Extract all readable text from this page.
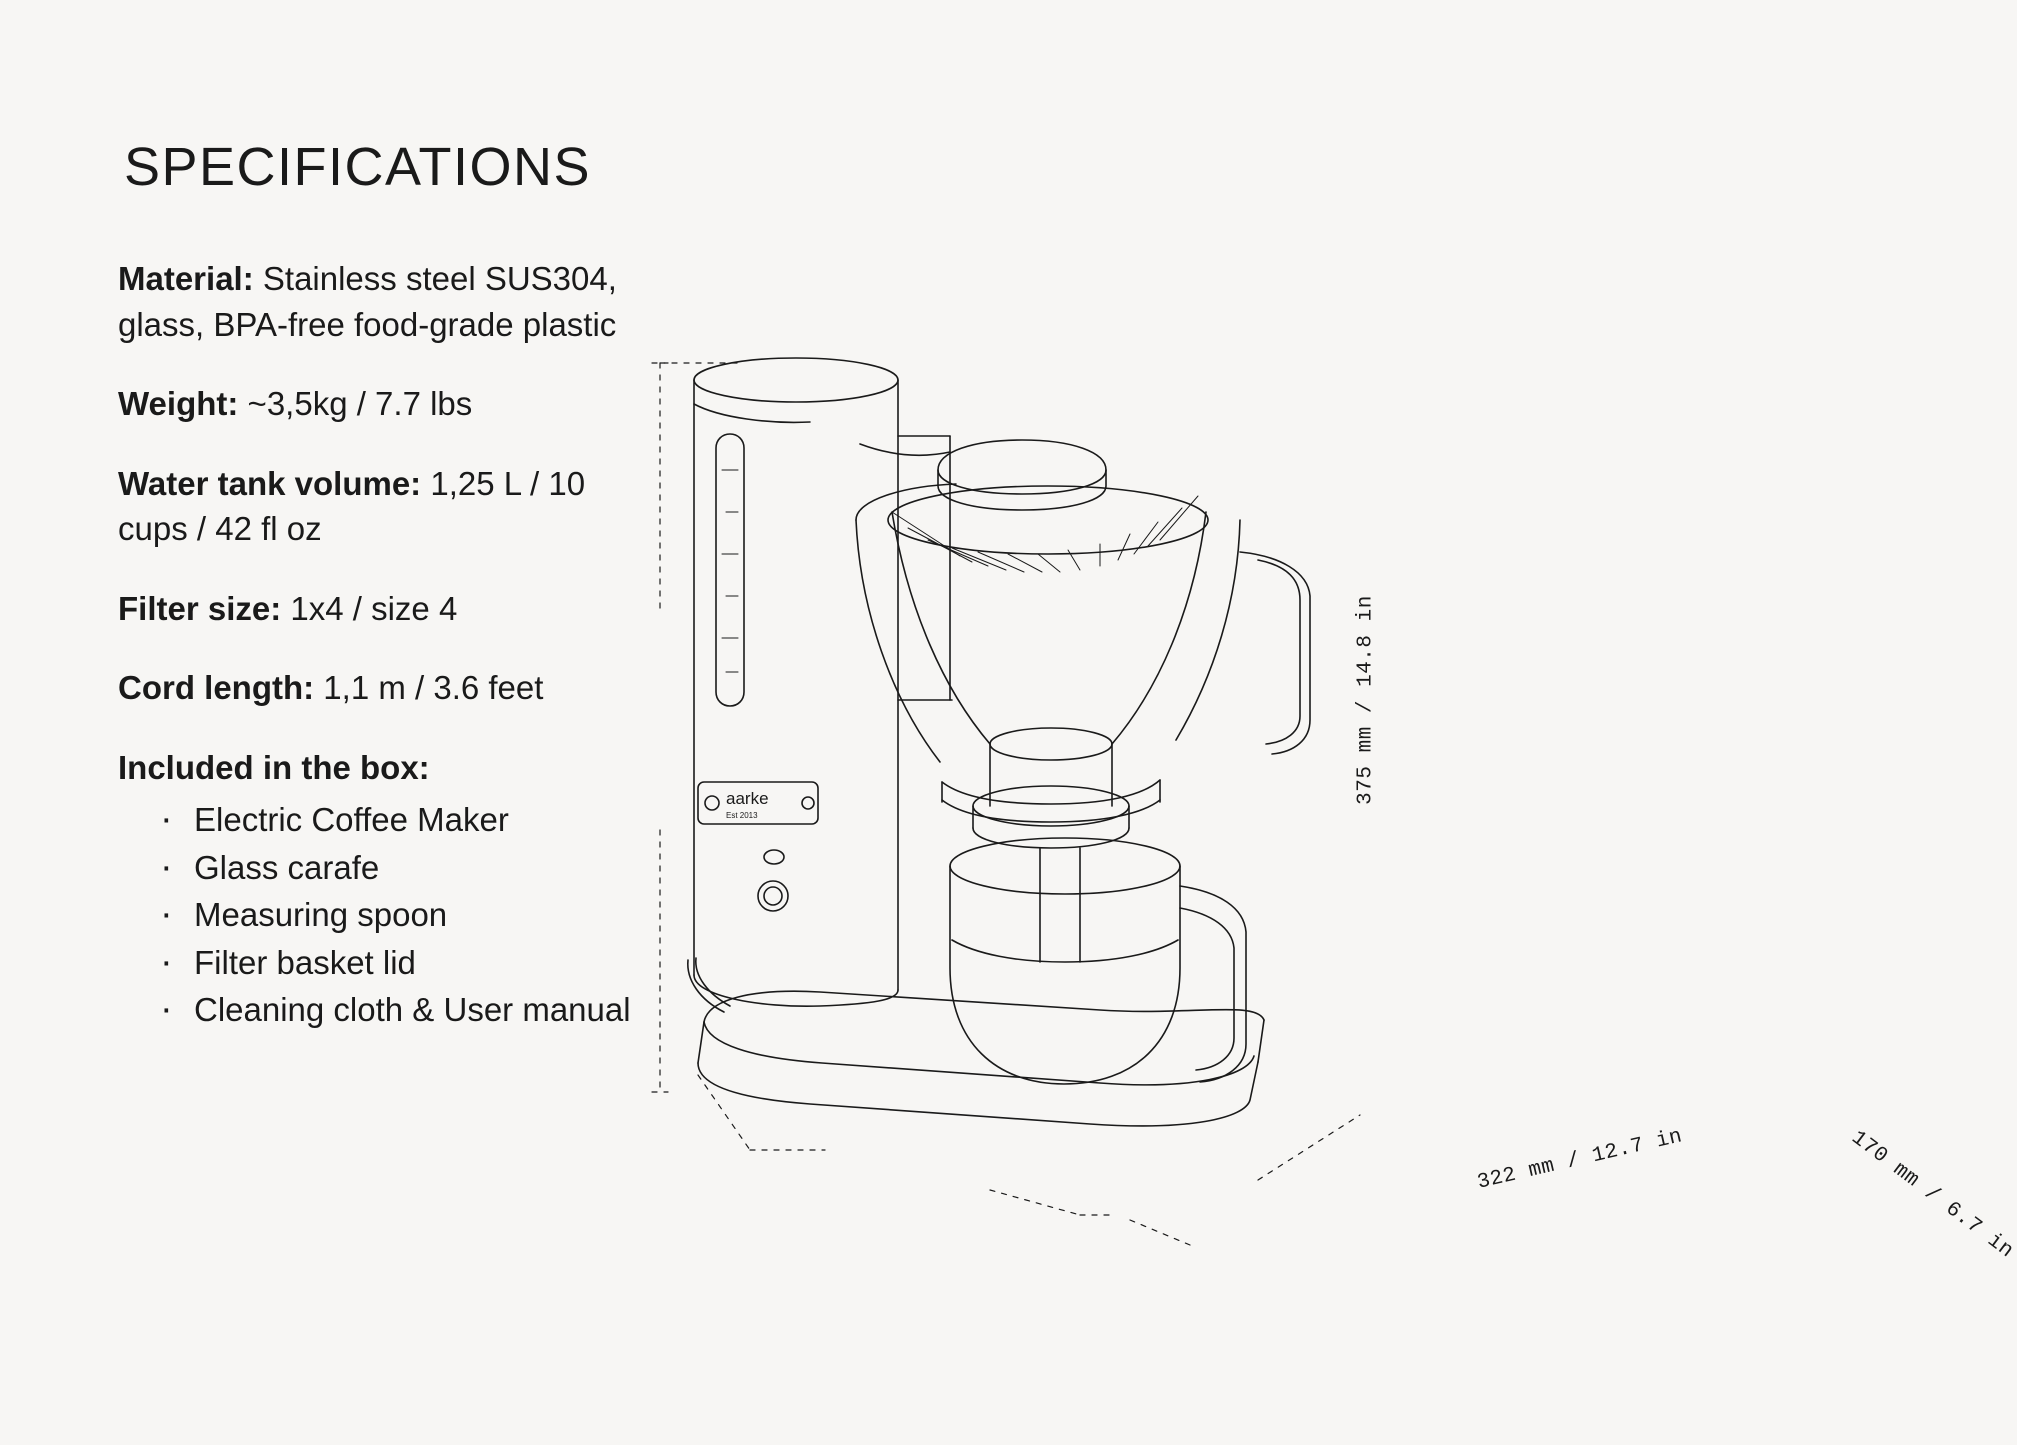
SPECIFICATIONS
Material: Stainless steel SUS304, glass, BPA-free food-grade plastic
Weight: ~3,5kg / 7.7 lbs
Water tank volume: 1,25 L / 10 cups / 42 fl oz
Filter size: 1x4 / size 4
Cord length: 1,1 m / 3.6 feet
Included in the box:
· Electric Coffee Maker
· Glass carafe
· Measuring spoon
· Filter basket lid
· Cleaning cloth & User manual
aarke
Est 2013
375 mm / 14.8 in
322 mm / 12.7 in	170 mm / 6.7 in
